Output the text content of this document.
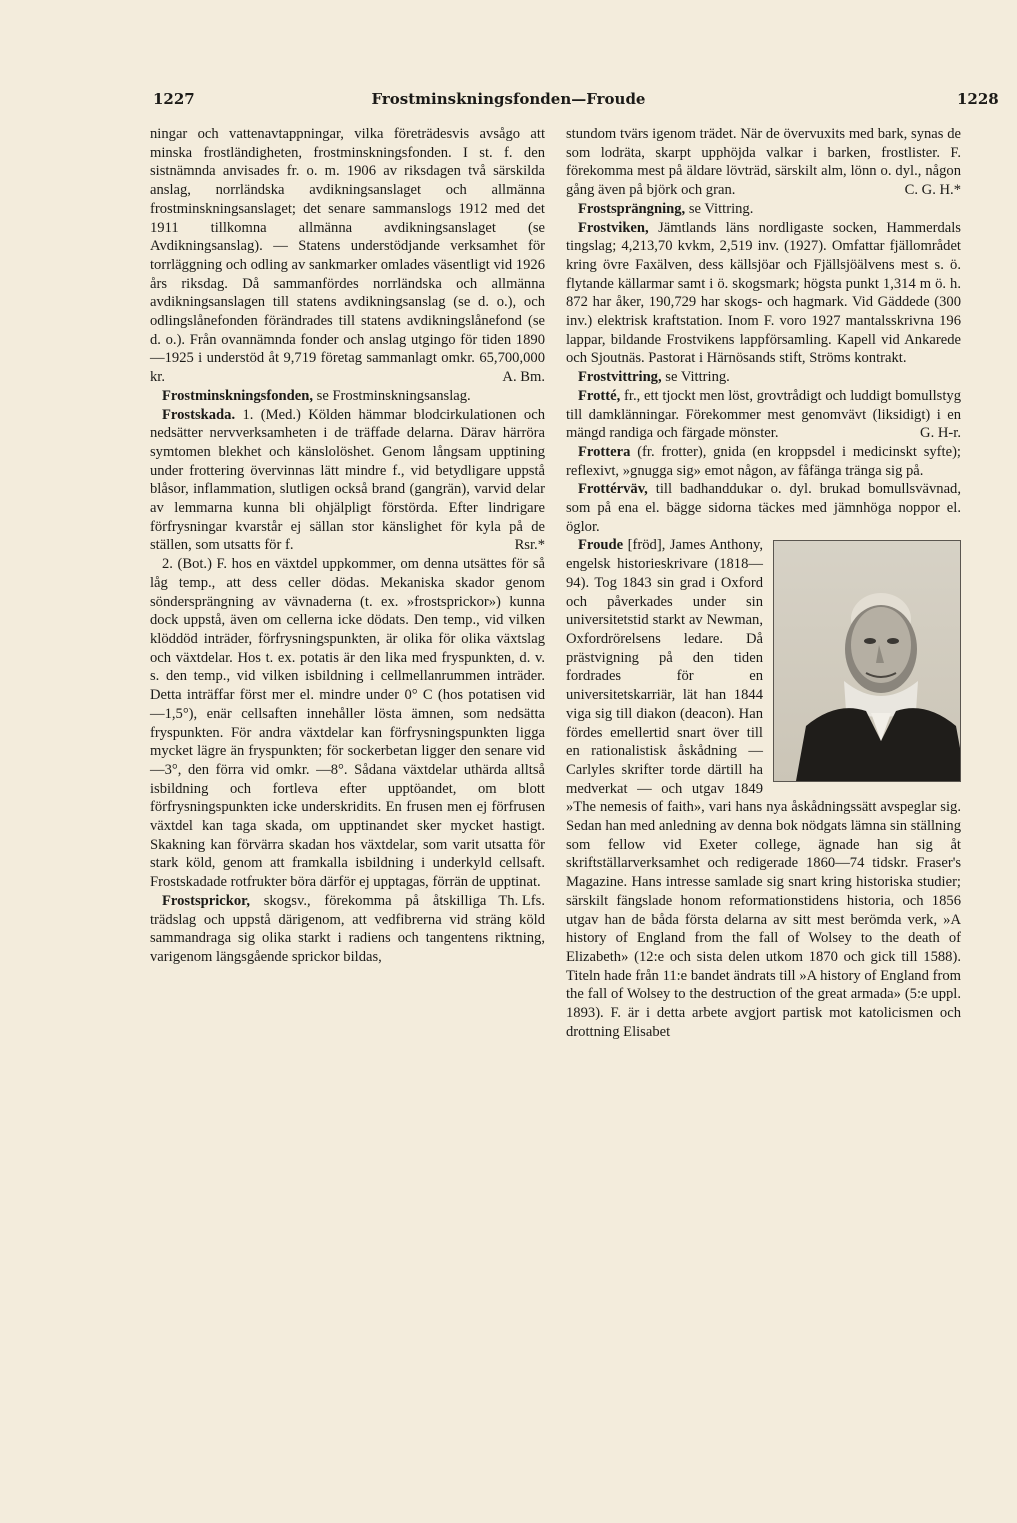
1227	Frostminskningsfonden—Froude	1228

ningar och vattenavtappningar, vilka företrädesvis avsågo att minska frostländigheten, frostminskningsfonden. I st. f. den sistnämnda anvisades fr. o. m. 1906 av riksdagen två särskilda anslag, norrländska avdikningsanslaget och allmänna frostminskningsanslaget; det senare sammanslogs 1912 med det 1911 tillkomna allmänna avdikningsanslaget (se Avdikningsanslag). — Statens understödjande verksamhet för torrläggning och odling av sankmarker omlades väsentligt vid 1926 års riksdag. Då sammanfördes norrländska och allmänna avdikningsanslagen till statens avdikningsanslag (se d. o.), och odlingslånefonden förändrades till statens avdikningslånefond (se d. o.). Från ovannämnda fonder och anslag utgingo för tiden 1890—1925 i understöd åt 9,719 företag sammanlagt omkr. 65,700,000 kr.	A. Bm.

Frostminskningsfonden, se Frostminskningsanslag.

Frostskada. 1. (Med.) Kölden hämmar blodcirkulationen och nedsätter nervverksamheten i de träffade delarna. Därav härröra symtomen blekhet och känslolöshet. Genom långsam upptining under frottering övervinnas lätt mindre f., vid betydligare uppstå blåsor, inflammation, slutligen också brand (gangrän), varvid delar av lemmarna kunna bli ohjälpligt förstörda. Efter lindrigare förfrysningar kvarstår ej sällan stor känslighet för kyla på de ställen, som utsatts för f.	Rsr.*

2. (Bot.) F. hos en växtdel uppkommer, om denna utsättes för så låg temp., att dess celler dödas. Mekaniska skador genom söndersprängning av vävnaderna (t. ex. »frostsprickor») kunna dock uppstå, även om cellerna icke dödats. Den temp., vid vilken klöddöd inträder, förfrysningspunkten, är olika för olika växtslag och växtdelar. Hos t. ex. potatis är den lika med fryspunkten, d. v. s. den temp., vid vilken isbildning i cellmellanrummen inträder. Detta inträffar först mer el. mindre under 0° C (hos potatisen vid —1,5°), enär cellsaften innehåller lösta ämnen, som nedsätta fryspunkten. För andra växtdelar kan förfrysningspunkten ligga mycket lägre än fryspunkten; för sockerbetan ligger den senare vid —3°, den förra vid omkr. —8°. Sådana växtdelar uthärda alltså isbildning och fortleva efter upptöandet, om blott förfrysningspunkten icke underskridits. En frusen men ej förfrusen växtdel kan taga skada, om upptinandet sker mycket hastigt. Skakning kan förvärra skadan hos växtdelar, som varit utsatta för stark köld, genom att framkalla isbildning i underkyld cellsaft. Frostskadade rotfrukter böra därför ej upptagas, förrän de upptinat.
Th. Lfs.

Frostsprickor, skogsv., förekomma på åtskilliga trädslag och uppstå därigenom, att vedfibrerna vid sträng köld sammandraga sig olika starkt i radiens och tangentens riktning, varigenom längsgående sprickor bildas,

stundom tvärs igenom trädet. När de övervuxits med bark, synas de som lodräta, skarpt upphöjda valkar i barken, frostlister. F. förekomma mest på äldare lövträd, särskilt alm, lönn o. dyl., någon gång även på björk och gran.	C. G. H.*

Frostsprängning, se Vittring.

Frostviken, Jämtlands läns nordligaste socken, Hammerdals tingslag; 4,213,70 kvkm, 2,519 inv. (1927). Omfattar fjällområdet kring övre Faxälven, dess källsjöar och Fjällsjöälvens mest s. ö. flytande källarmar samt i ö. skogsmark; högsta punkt 1,314 m ö. h. 872 har åker, 190,729 har skogs- och hagmark. Vid Gäddede (300 inv.) elektrisk kraftstation. Inom F. voro 1927 mantalsskrivna 196 lappar, bildande Frostvikens lappförsamling. Kapell vid Ankarede och Sjoutnäs. Pastorat i Härnösands stift, Ströms kontrakt.

Frostvittring, se Vittring.

Frotté, fr., ett tjockt men löst, grovtrådigt och luddigt bomullstyg till damklänningar. Förekommer mest genomvävt (liksidigt) i en mängd randiga och färgade mönster.	G. H-r.

Frottera (fr. frotter), gnida (en kroppsdel i medicinskt syfte); reflexivt, »gnugga sig» emot någon, av fåfänga tränga sig på.

Frottérväv, till badhanddukar o. dyl. brukad bomullsvävnad, som på ena el. bägge sidorna täckes med jämnhöga noppor el. öglor.

Froude [fröd], James Anthony, engelsk historieskrivare (1818—94). Tog 1843 sin grad i Oxford och påverkades under sin universitetstid starkt av Newman, Oxfordrörelsens ledare. Då prästvigning på den tiden fordrades för en universitetskarriär, lät han 1844 viga sig till diakon (deacon). Han fördes emellertid snart över till en rationalistisk åskådning — Carlyles skrifter torde därtill ha medverkat — och utgav 1849 »The nemesis of faith», vari hans nya åskådningssätt avspeglar sig. Sedan han med anledning av denna bok nödgats lämna sin ställning som fellow vid Exeter college, ägnade han sig åt skriftställarverksamhet och redigerade 1860—74 tidskr. Fraser's Magazine. Hans intresse samlade sig snart kring historiska studier; särskilt fängslade honom reformationstidens historia, och 1856 utgav han de båda första delarna av sitt mest berömda verk, »A history of England from the fall of Wolsey to the death of Elizabeth» (12:e och sista delen utkom 1870 och gick till 1588). Titeln hade från 11:e bandet ändrats till »A history of England from the fall of Wolsey to the destruction of the great armada» (5:e uppl. 1893). F. är i detta arbete avgjort partisk mot katolicismen och drottning Elisabet
